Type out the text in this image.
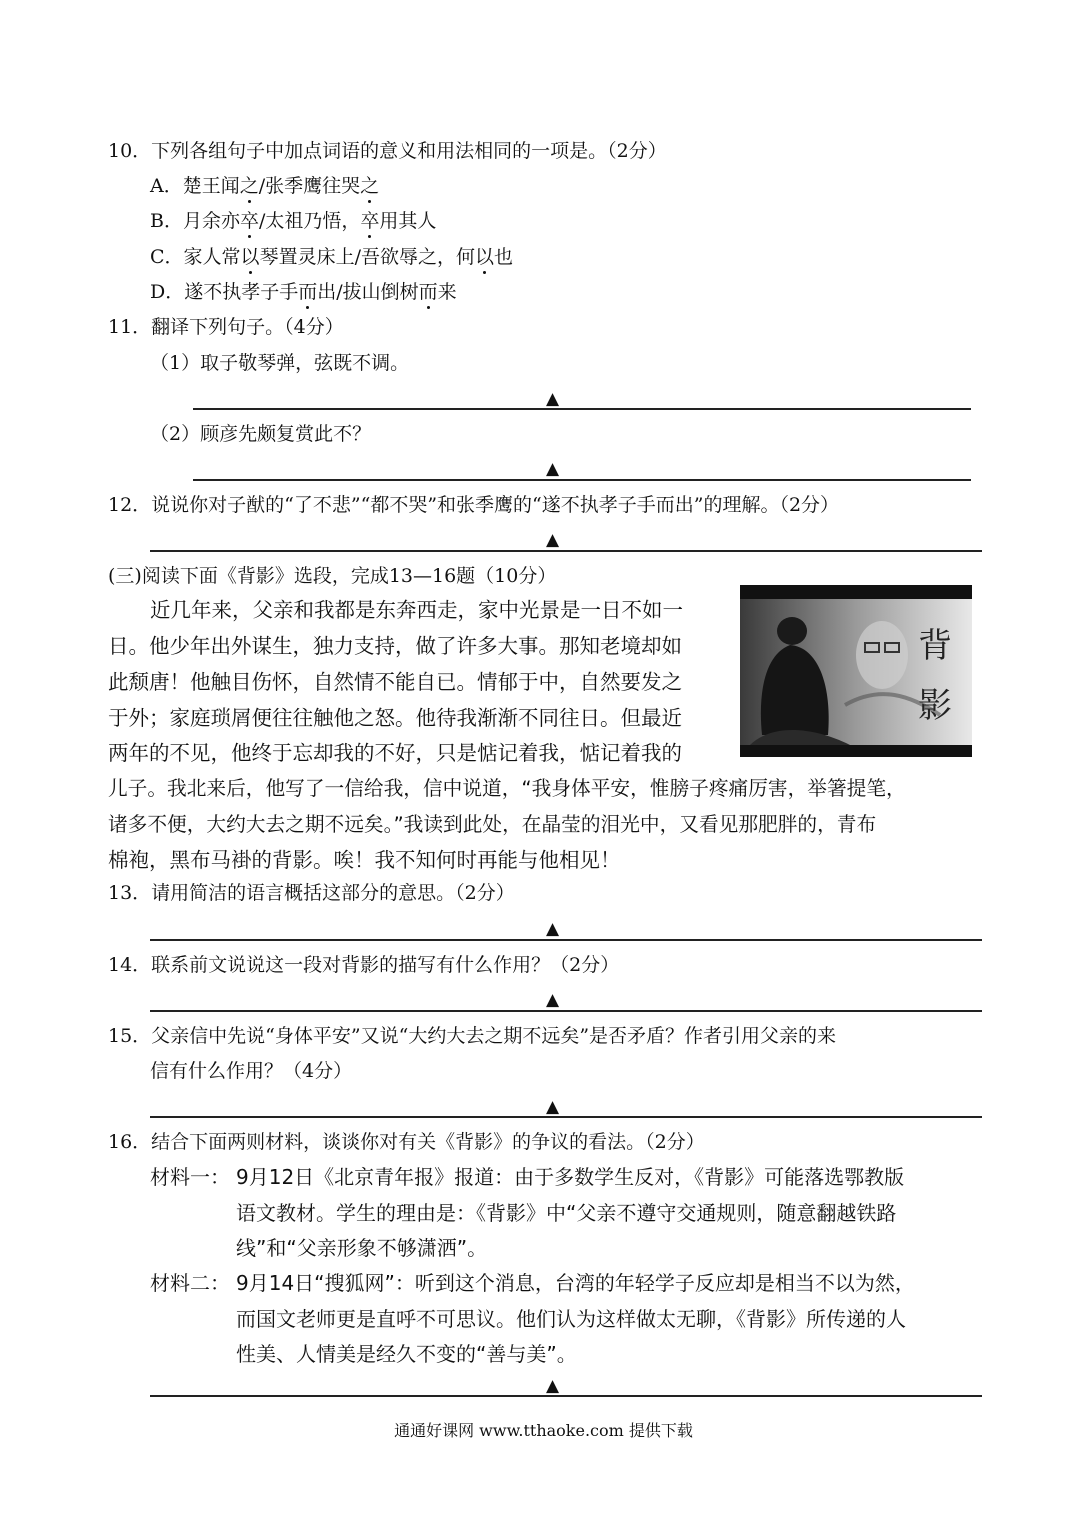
10．下列各组句子中加点词语的意义和用法相同的一项是。（2分）
A．楚王闻之/张季鹰往哭之
B．月余亦卒/太祖乃悟，卒用其人
C．家人常以琴置灵床上/吾欲辱之，何以也
D．遂不执孝子手而出/拔山倒树而来
11．翻译下列句子。（4分）
（1）取子敬琴弹，弦既不调。
▲
（2）顾彦先颇复赏此不？
▲
12．说说你对子猷的“了不悲”“都不哭”和张季鹰的“遂不执孝子手而出”的理解。（2分）
▲
(三)阅读下面《背影》选段，完成13—16题（10分）
背
影
近几年来，父亲和我都是东奔西走，家中光景是一日不如一
日。他少年出外谋生，独力支持，做了许多大事。那知老境却如
此颓唐！他触目伤怀，自然情不能自已。情郁于中，自然要发之
于外；家庭琐屑便往往触他之怒。他待我渐渐不同往日。但最近
两年的不见，他终于忘却我的不好，只是惦记着我，惦记着我的
儿子。我北来后，他写了一信给我，信中说道，“我身体平安，惟膀子疼痛厉害，举箸提笔，
诸多不便，大约大去之期不远矣。”我读到此处，在晶莹的泪光中，又看见那肥胖的，青布
棉袍，黑布马褂的背影。唉！我不知何时再能与他相见！
13．请用简洁的语言概括这部分的意思。（2分）
▲
14．联系前文说说这一段对背影的描写有什么作用？（2分）
▲
15．父亲信中先说“身体平安”又说“大约大去之期不远矣”是否矛盾？作者引用父亲的来
信有什么作用？（4分）
▲
16．结合下面两则材料，谈谈你对有关《背影》的争议的看法。（2分）
材料一： 9月12日《北京青年报》报道：由于多数学生反对，《背影》可能落选鄂教版
语文教材。学生的理由是：《背影》中“父亲不遵守交通规则，随意翻越铁路
线”和“父亲形象不够潇洒”。
材料二： 9月14日“搜狐网”：听到这个消息，台湾的年轻学子反应却是相当不以为然，
而国文老师更是直呼不可思议。他们认为这样做太无聊，《背影》所传递的人
性美、人情美是经久不变的“善与美”。
▲
通通好课网 www.tthaoke.com 提供下载
